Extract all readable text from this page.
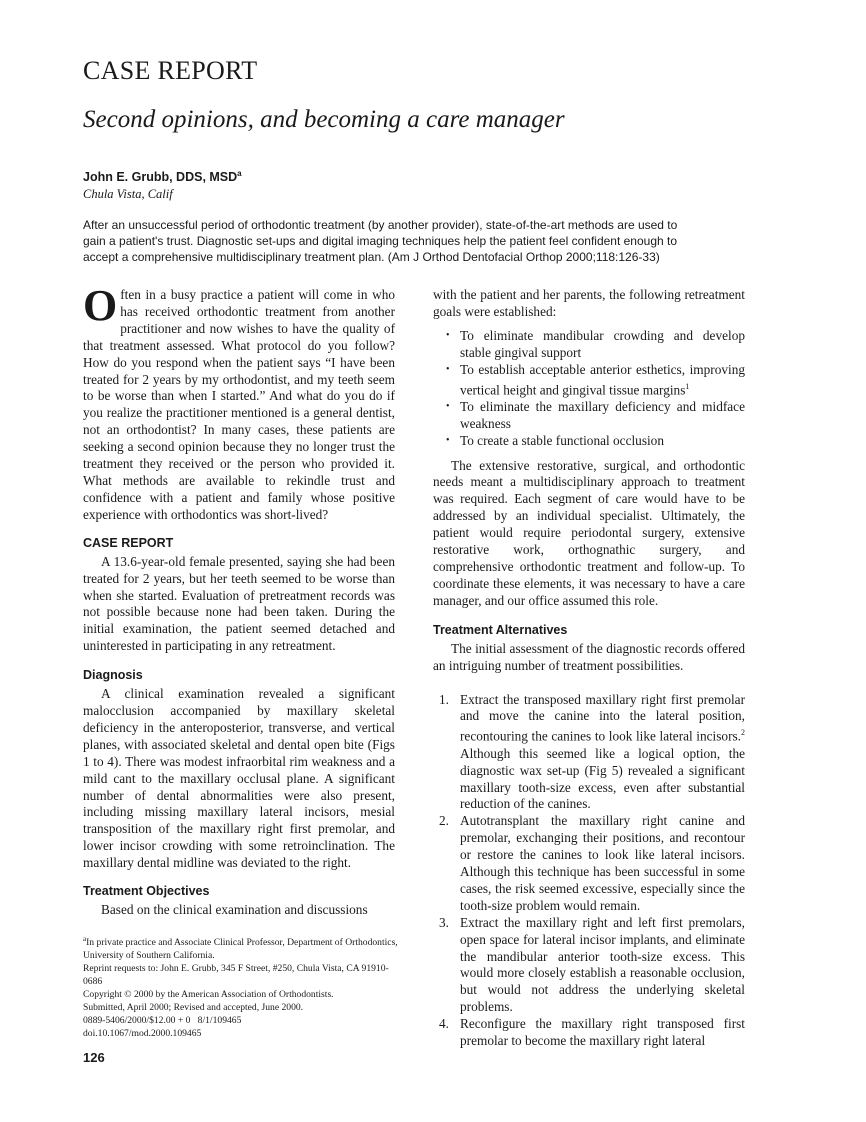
CASE REPORT
Second opinions, and becoming a care manager
John E. Grubb, DDS, MSD$^a$
Chula Vista, Calif
After an unsuccessful period of orthodontic treatment (by another provider), state-of-the-art methods are used to gain a patient's trust. Diagnostic set-ups and digital imaging techniques help the patient feel confident enough to accept a comprehensive multidisciplinary treatment plan. (Am J Orthod Dentofacial Orthop 2000;118:126-33)

Often in a busy practice a patient will come in who has received orthodontic treatment from another practitioner and now wishes to have the quality of that treatment assessed. What protocol do you follow? How do you respond when the patient says “I have been treated for 2 years by my orthodontist, and my teeth seem to be worse than when I started.” And what do you do if you realize the practitioner mentioned is a general dentist, not an orthodontist? In many cases, these patients are seeking a second opinion because they no longer trust the treatment they received or the person who provided it. What methods are available to rekindle trust and confidence with a patient and family whose positive experience with orthodontics was short-lived?

CASE REPORT

A 13.6-year-old female presented, saying she had been treated for 2 years, but her teeth seemed to be worse than when she started. Evaluation of pretreatment records was not possible because none had been taken. During the initial examination, the patient seemed detached and uninterested in participating in any retreatment.

Diagnosis

A clinical examination revealed a significant malocclusion accompanied by maxillary skeletal deficiency in the anteroposterior, transverse, and vertical planes, with associated skeletal and dental open bite (Figs 1 to 4). There was modest infraorbital rim weakness and a mild cant to the maxillary occlusal plane. A significant number of dental abnormalities were also present, including missing maxillary lateral incisors, mesial transposition of the maxillary right first premolar, and lower incisor crowding with some retroinclination. The maxillary dental midline was deviated to the right.

Treatment Objectives

Based on the clinical examination and discussions

$^a$In private practice and Associate Clinical Professor, Department of Orthodontics, University of Southern California.
Reprint requests to: John E. Grubb, 345 F Street, #250, Chula Vista, CA 91910-0686
Copyright © 2000 by the American Association of Orthodontists.
Submitted, April 2000; Revised and accepted, June 2000.
0889-5406/2000/$12.00 + 0   8/1/109465
doi.10.1067/mod.2000.109465
126

with the patient and her parents, the following retreatment goals were established:

• To eliminate mandibular crowding and develop stable gingival support
• To establish acceptable anterior esthetics, improving vertical height and gingival tissue margins$^1$
• To eliminate the maxillary deficiency and midface weakness
• To create a stable functional occlusion

The extensive restorative, surgical, and orthodontic needs meant a multidisciplinary approach to treatment was required. Each segment of care would have to be addressed by an individual specialist. Ultimately, the patient would require periodontal surgery, extensive restorative work, orthognathic surgery, and comprehensive orthodontic treatment and follow-up. To coordinate these elements, it was necessary to have a care manager, and our office assumed this role.

Treatment Alternatives

The initial assessment of the diagnostic records offered an intriguing number of treatment possibilities.

1. Extract the transposed maxillary right first premolar and move the canine into the lateral position, recontouring the canines to look like lateral incisors.$^2$ Although this seemed like a logical option, the diagnostic wax set-up (Fig 5) revealed a significant maxillary tooth-size excess, even after substantial reduction of the canines.
2. Autotransplant the maxillary right canine and premolar, exchanging their positions, and recontour or restore the canines to look like lateral incisors. Although this technique has been successful in some cases, the risk seemed excessive, especially since the tooth-size problem would remain.
3. Extract the maxillary right and left first premolars, open space for lateral incisor implants, and eliminate the mandibular anterior tooth-size excess. This would more closely establish a reasonable occlusion, but would not address the underlying skeletal problems.
4. Reconfigure the maxillary right transposed first premolar to become the maxillary right lateral
